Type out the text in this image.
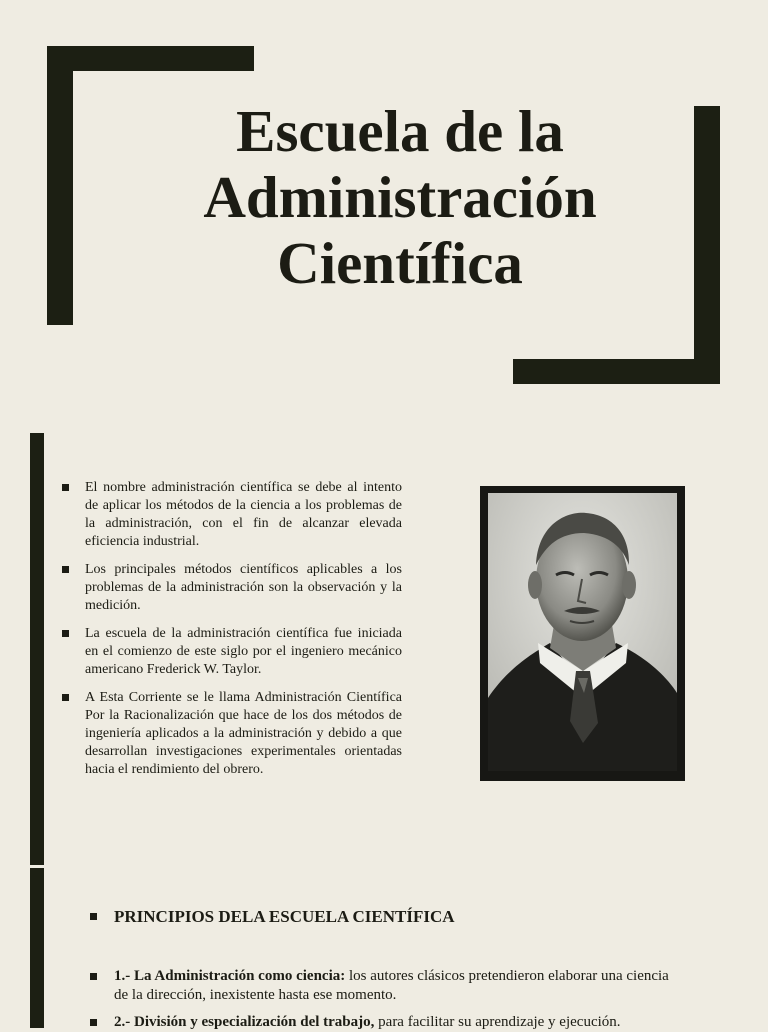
Escuela de la
Administración
Científica
El nombre administración científica se debe al intento de aplicar los métodos de la ciencia a los problemas de la administración, con el fin de alcanzar elevada eficiencia industrial.
Los principales métodos científicos aplicables a los problemas de la administración son la observación y la medición.
La escuela de la administración científica fue iniciada en el comienzo de este siglo por el ingeniero mecánico americano Frederick W. Taylor.
A Esta Corriente se le llama Administración Científica Por la Racionalización que hace de los dos métodos de ingeniería aplicados a la administración y debido a que desarrollan investigaciones experimentales orientadas hacia el rendimiento del obrero.
PRINCIPIOS DELA ESCUELA CIENTÍFICA
1.- La Administración como ciencia: los autores clásicos pretendieron elaborar una ciencia de la dirección, inexistente hasta ese momento.
2.- División y especialización del trabajo, para facilitar su aprendizaje y ejecución.
